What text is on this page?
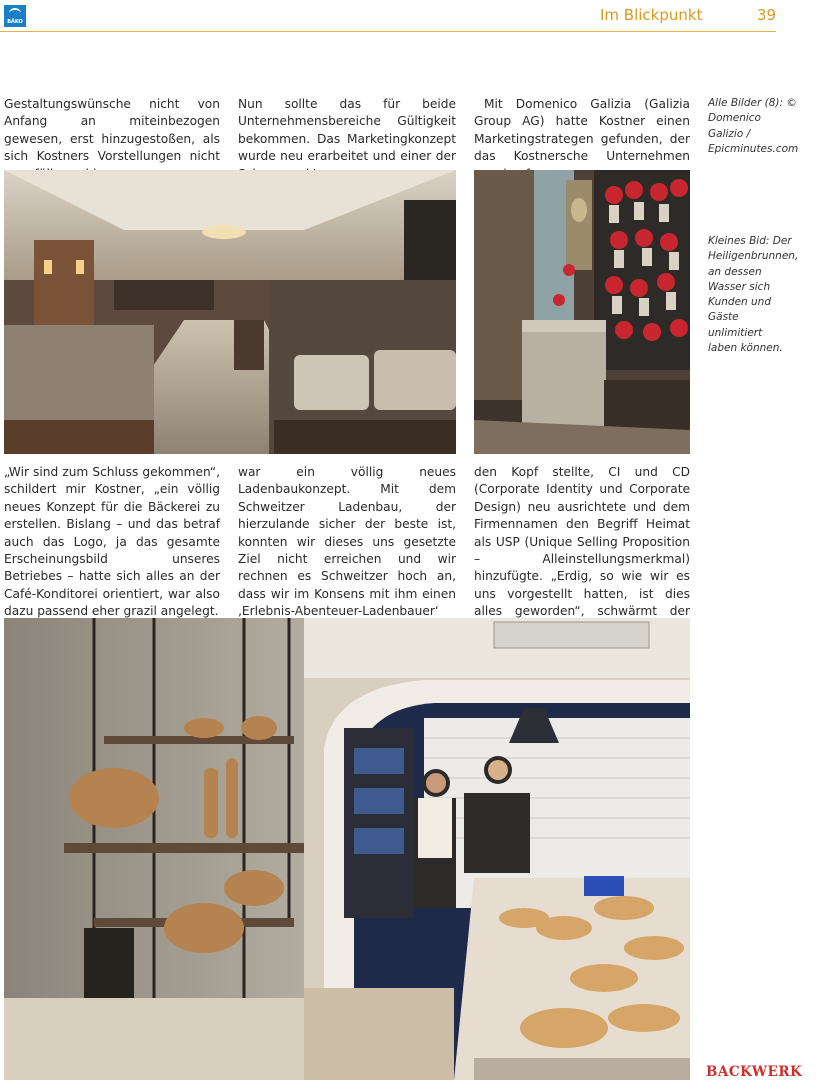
BÄKO	Im Blickpunkt	39

Gestaltungswünsche nicht von Anfang an miteinbezogen gewesen, erst hinzugestoßen, als sich Kostners Vorstellungen nicht

Nun sollte das für beide Unternehmensbereiche Gültigkeit bekommen. Das Marketingkonzept wurde neu erarbeitet und einer der

Mit Domenico Galizia (Galizia Group AG) hatte Kostner einen Marketingstrategen gefunden, der das Kostnersche Unternehmen

Alle Bilder (8): © Domenico Galizio / Epicminutes.com
Kleines Bid: Der Heiligenbrunnen, an dessen Wasser sich Kunden und Gäste unlimitiert laben können.

„Wir sind zum Schluss gekommen“, schildert mir Kostner, „ein völlig neues Konzept für die Bäckerei zu erstellen. Bislang – und das betraf auch das Logo, ja das gesamte Erscheinungsbild unseres Betriebes – hatte sich alles an der Café-Konditorei orientiert, war also dazu passend eher grazil angelegt.

war ein völlig neues Ladenbaukonzept. Mit dem Schweitzer Ladenbau, der hierzulande sicher der beste ist, konnten wir dieses uns gesetzte Ziel nicht erreichen und wir rechnen es Schweitzer hoch an, dass wir im Konsens mit ihm einen ‚Erlebnis-Abenteuer-Ladenbauer‘

den Kopf stellte, CI und CD (Corporate Identity und Corporate Design) neu ausrichtete und dem Firmennamen den Begriff Heimat als USP (Unique Selling Proposition – Alleinstellungsmerkmal) hinzufügte. „Erdig, so wie wir es uns vorgestellt hatten, ist dies alles geworden“, schwärmt der

BACKWERK
